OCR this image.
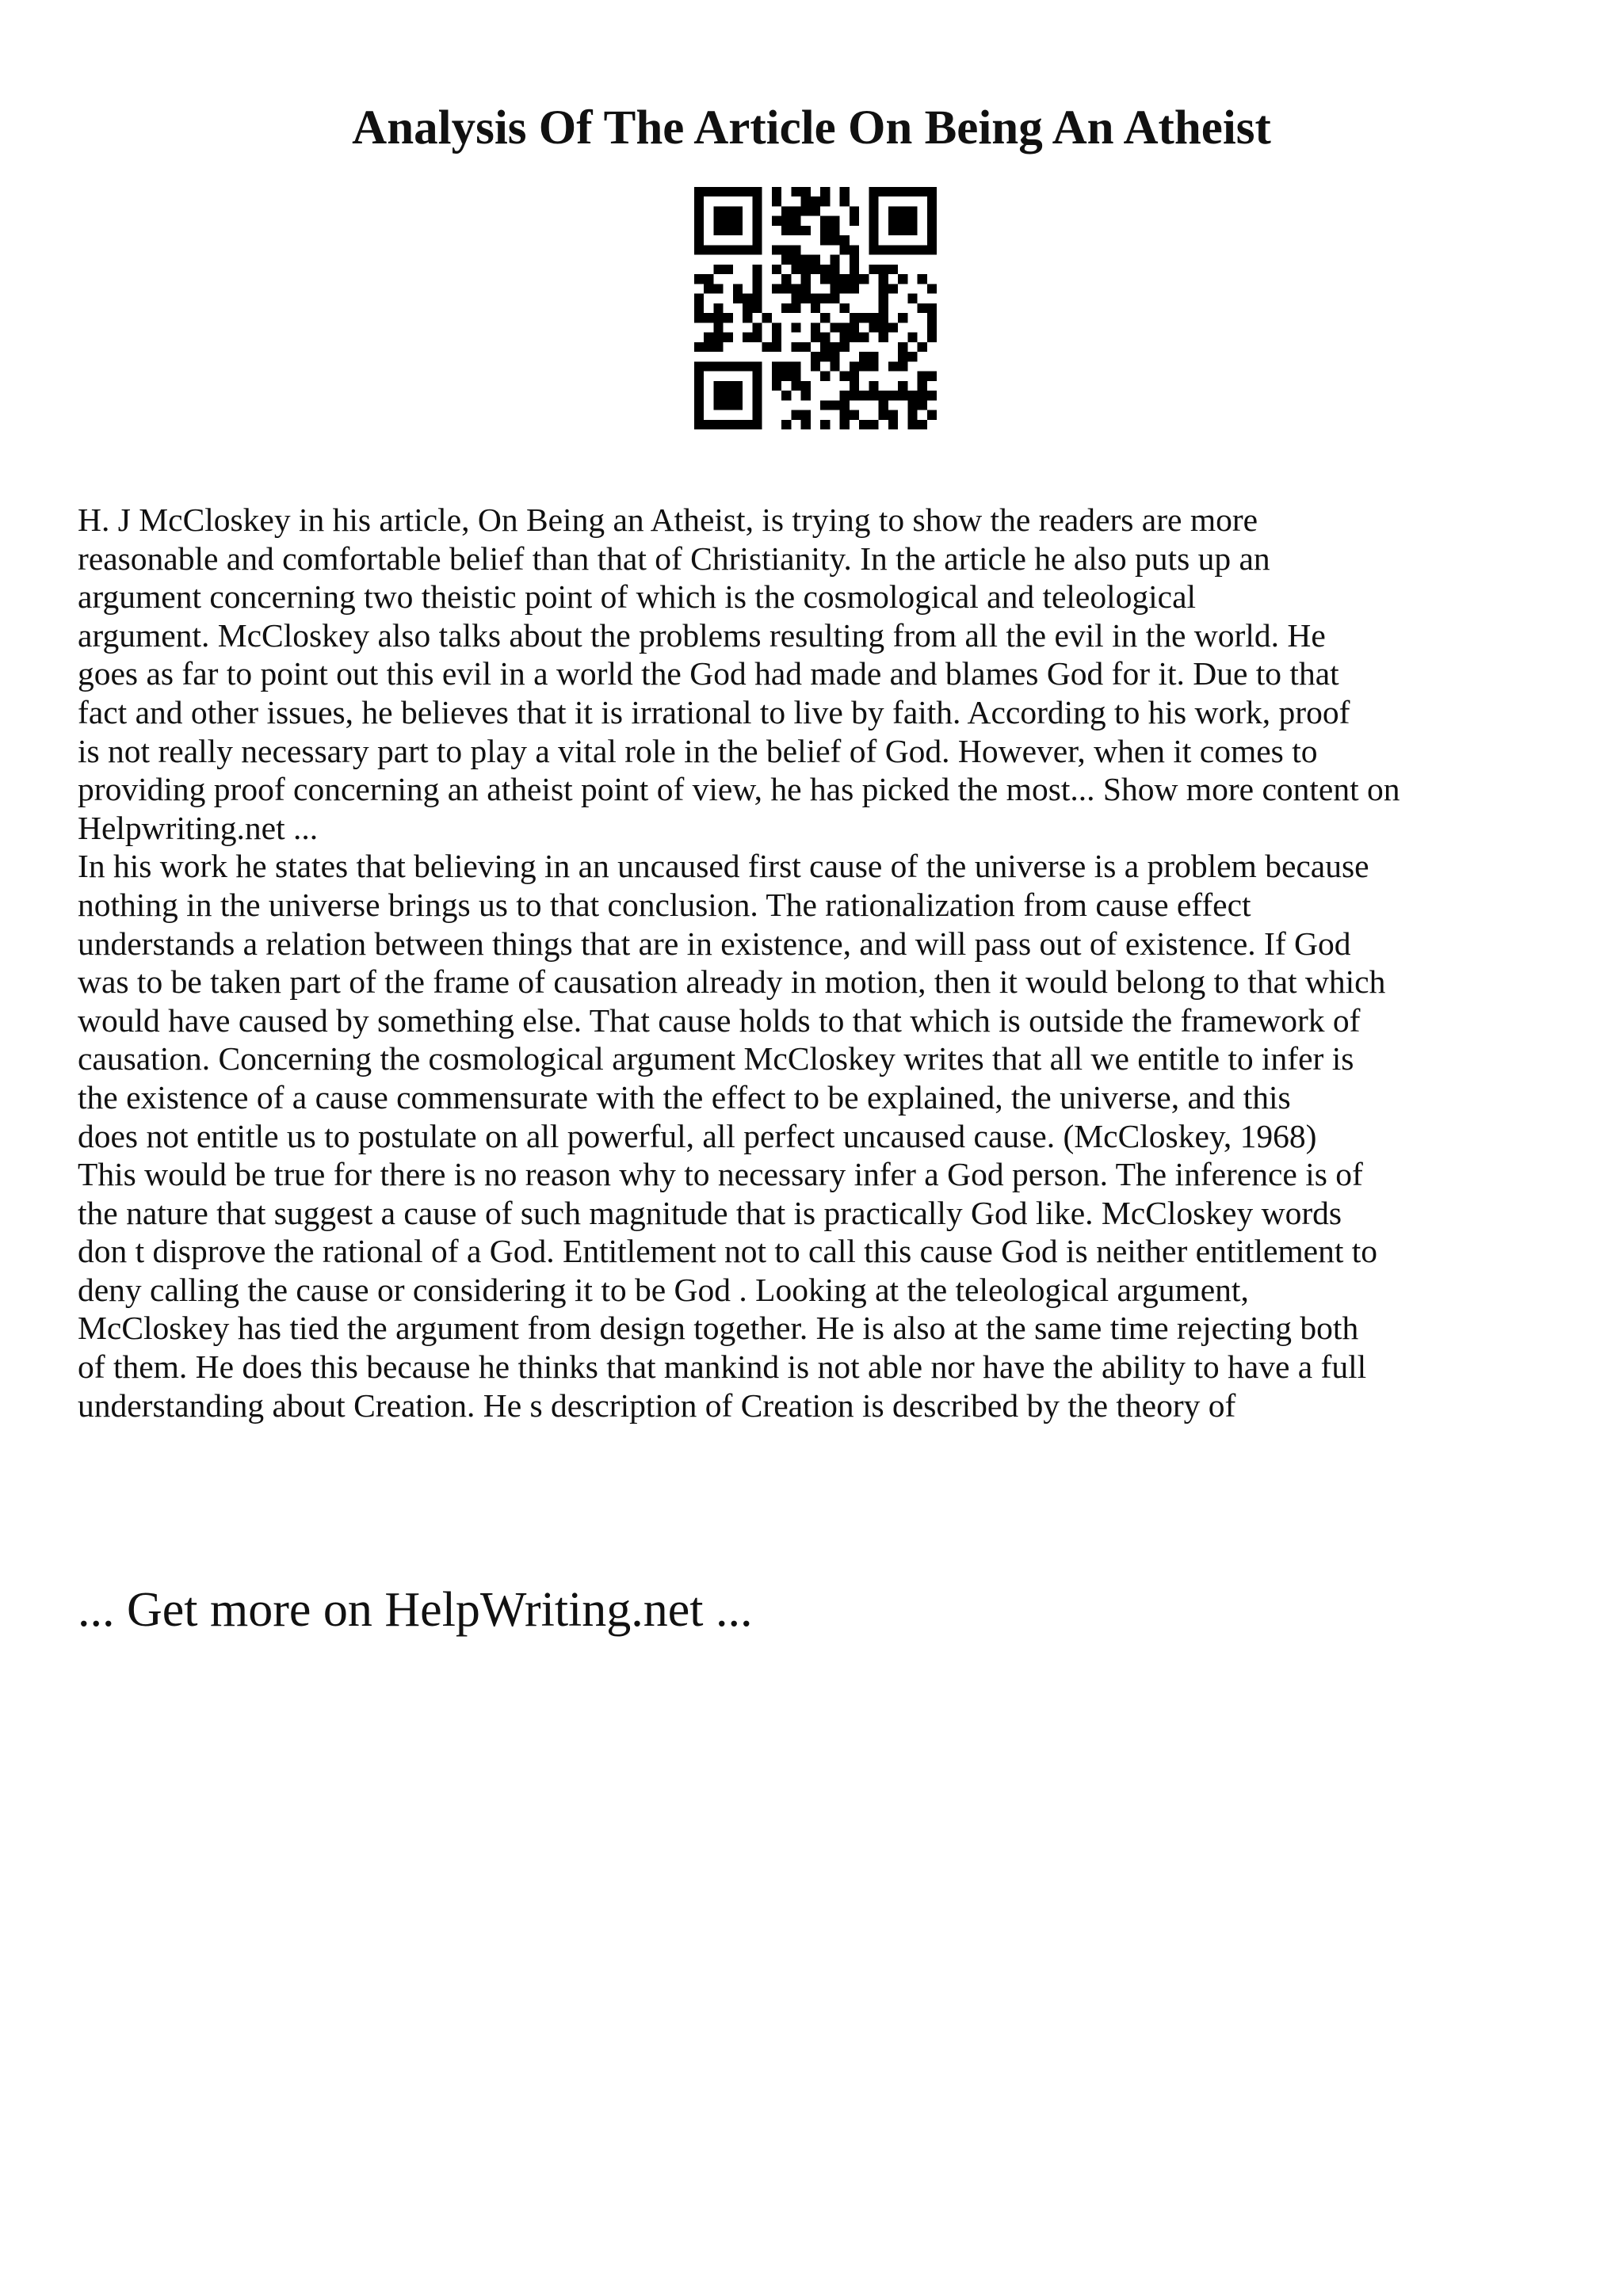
Analysis Of The Article On Being An Atheist
H. J McCloskey in his article, On Being an Atheist, is trying to show the readers are more
reasonable and comfortable belief than that of Christianity. In the article he also puts up an
argument concerning two theistic point of which is the cosmological and teleological
argument. McCloskey also talks about the problems resulting from all the evil in the world. He
goes as far to point out this evil in a world the God had made and blames God for it. Due to that
fact and other issues, he believes that it is irrational to live by faith. According to his work, proof
is not really necessary part to play a vital role in the belief of God. However, when it comes to
providing proof concerning an atheist point of view, he has picked the most... Show more content on
Helpwriting.net ...
In his work he states that believing in an uncaused first cause of the universe is a problem because
nothing in the universe brings us to that conclusion. The rationalization from cause effect
understands a relation between things that are in existence, and will pass out of existence. If God
was to be taken part of the frame of causation already in motion, then it would belong to that which
would have caused by something else. That cause holds to that which is outside the framework of
causation. Concerning the cosmological argument McCloskey writes that all we entitle to infer is
the existence of a cause commensurate with the effect to be explained, the universe, and this
does not entitle us to postulate on all powerful, all perfect uncaused cause. (McCloskey, 1968)
This would be true for there is no reason why to necessary infer a God person. The inference is of
the nature that suggest a cause of such magnitude that is practically God like. McCloskey words
don t disprove the rational of a God. Entitlement not to call this cause God is neither entitlement to
deny calling the cause or considering it to be God . Looking at the teleological argument,
McCloskey has tied the argument from design together. He is also at the same time rejecting both
of them. He does this because he thinks that mankind is not able nor have the ability to have a full
understanding about Creation. He s description of Creation is described by the theory of
... Get more on HelpWriting.net ...
